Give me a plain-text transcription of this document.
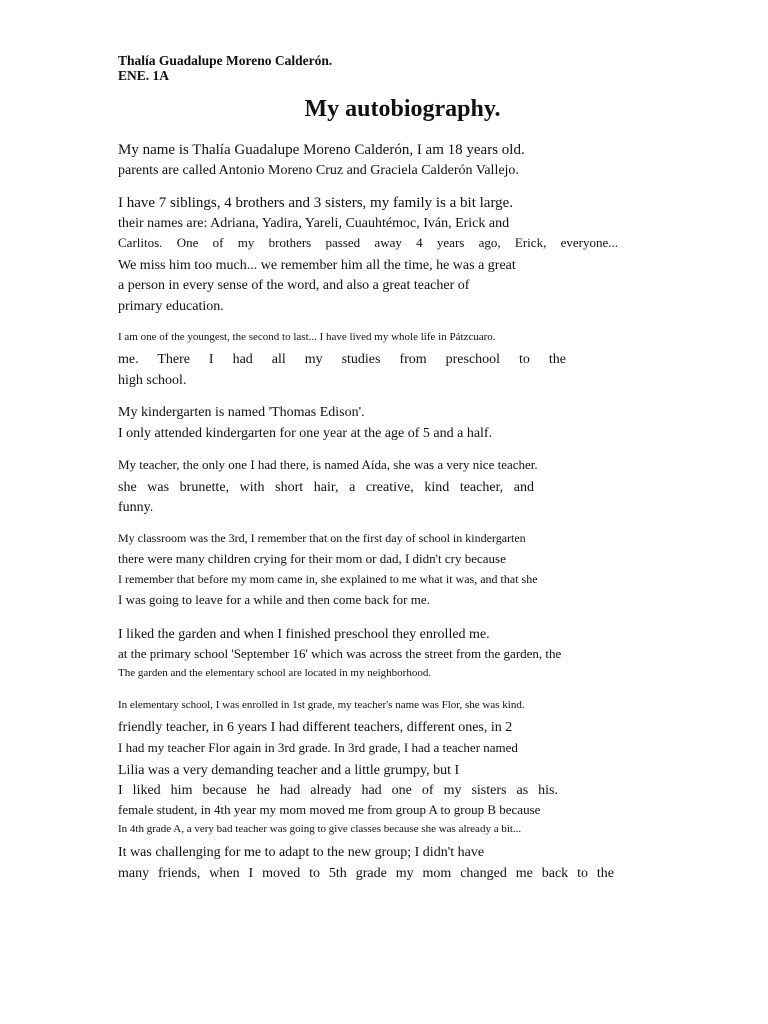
Thalía Guadalupe Moreno Calderón.
ENE. 1A
My autobiography.
My name is Thalía Guadalupe Moreno Calderón, I am 18 years old.
parents are called Antonio Moreno Cruz and Graciela Calderón Vallejo.
I have 7 siblings, 4 brothers and 3 sisters, my family is a bit large.
their names are: Adriana, Yadira, Yareli, Cuauhtémoc, Iván, Erick and
Carlitos. One of my brothers passed away 4 years ago, Erick, everyone...
We miss him too much... we remember him all the time, he was a great
a person in every sense of the word, and also a great teacher of
primary education.
I am one of the youngest, the second to last... I have lived my whole life in Pátzcuaro.
me. There I had all my studies from preschool to the
high school.
My kindergarten is named 'Thomas Edison'.
I only attended kindergarten for one year at the age of 5 and a half.
My teacher, the only one I had there, is named Aída, she was a very nice teacher.
she was brunette, with short hair, a creative, kind teacher, and
funny.
My classroom was the 3rd, I remember that on the first day of school in kindergarten
there were many children crying for their mom or dad, I didn't cry because
I remember that before my mom came in, she explained to me what it was, and that she
I was going to leave for a while and then come back for me.
I liked the garden and when I finished preschool they enrolled me.
at the primary school 'September 16' which was across the street from the garden, the
The garden and the elementary school are located in my neighborhood.
In elementary school, I was enrolled in 1st grade, my teacher's name was Flor, she was kind.
friendly teacher, in 6 years I had different teachers, different ones, in 2
I had my teacher Flor again in 3rd grade. In 3rd grade, I had a teacher named
Lilia was a very demanding teacher and a little grumpy, but I
I liked him because he had already had one of my sisters as his.
female student, in 4th year my mom moved me from group A to group B because
In 4th grade A, a very bad teacher was going to give classes because she was already a bit...
It was challenging for me to adapt to the new group; I didn't have
many friends, when I moved to 5th grade my mom changed me back to the
